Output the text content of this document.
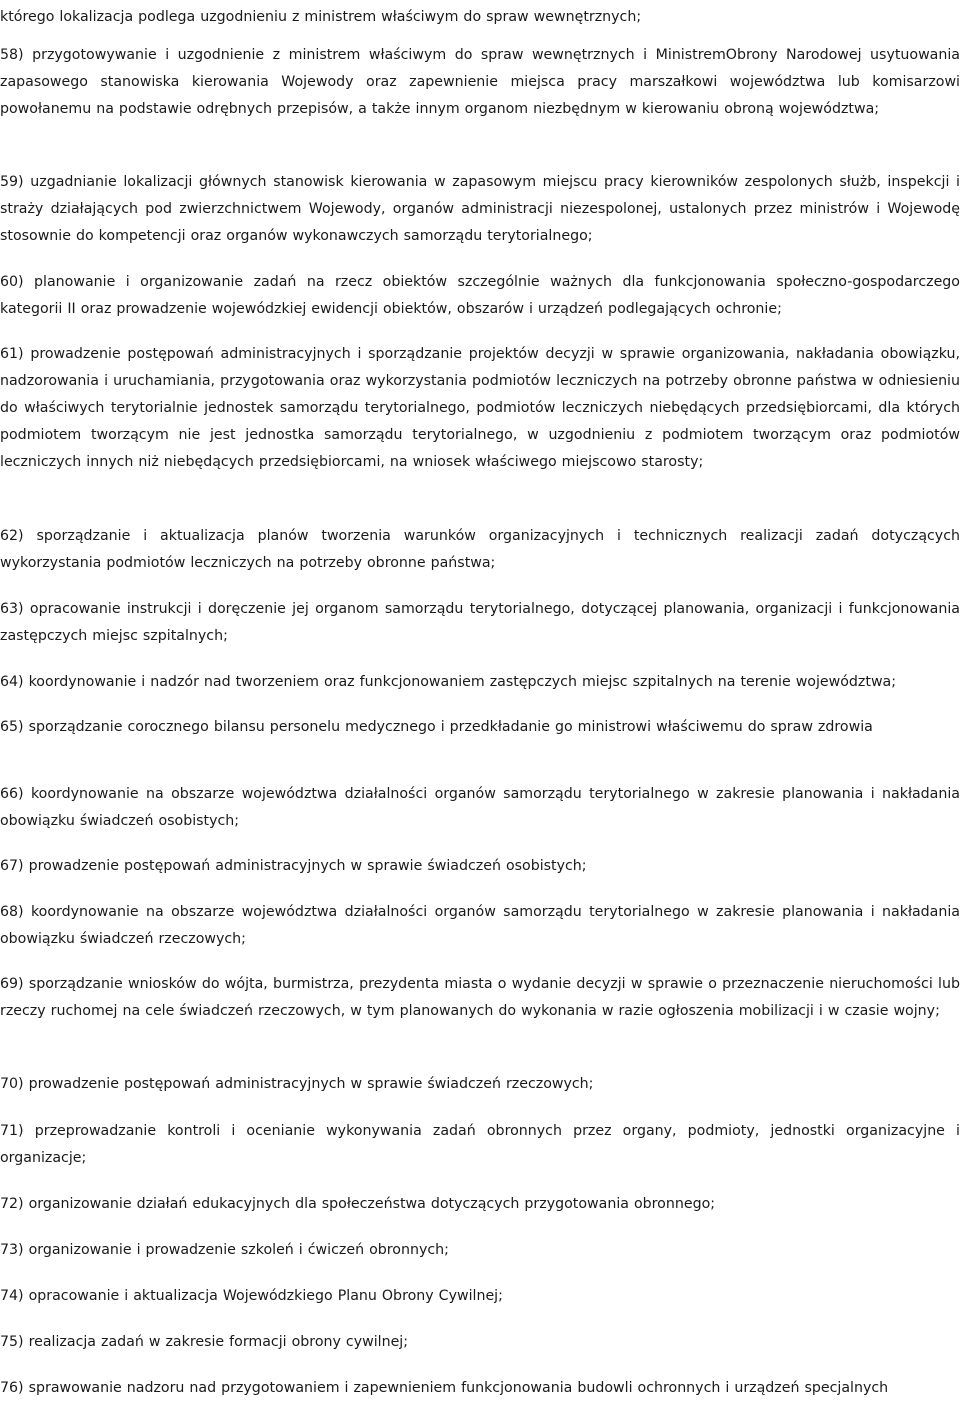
którego lokalizacja podlega uzgodnieniu z ministrem właściwym do spraw wewnętrznych;

58) przygotowywanie i uzgodnienie z ministrem właściwym do spraw wewnętrznych i MinistremObrony Narodowej usytuowania zapasowego stanowiska kierowania Wojewody oraz zapewnienie miejsca pracy marszałkowi województwa lub komisarzowi powołanemu na podstawie odrębnych przepisów, a także innym organom niezbędnym w kierowaniu obroną województwa;

59) uzgadnianie lokalizacji głównych stanowisk kierowania w zapasowym miejscu pracy kierowników zespolonych służb, inspekcji i straży działających pod zwierzchnictwem Wojewody, organów administracji niezespolonej, ustalonych przez ministrów i Wojewodę stosownie do kompetencji oraz organów wykonawczych samorządu terytorialnego;

60) planowanie i organizowanie zadań na rzecz obiektów szczególnie ważnych dla funkcjonowania społeczno-gospodarczego kategorii II oraz prowadzenie wojewódzkiej ewidencji obiektów, obszarów i urządzeń podlegających ochronie;

61) prowadzenie postępowań administracyjnych i sporządzanie projektów decyzji w sprawie organizowania, nakładania obowiązku, nadzorowania i uruchamiania, przygotowania oraz wykorzystania podmiotów leczniczych na potrzeby obronne państwa w odniesieniu do właściwych terytorialnie jednostek samorządu terytorialnego, podmiotów leczniczych niebędących przedsiębiorcami, dla których podmiotem tworzącym nie jest jednostka samorządu terytorialnego, w uzgodnieniu z podmiotem tworzącym oraz podmiotów leczniczych innych niż niebędących przedsiębiorcami, na wniosek właściwego miejscowo starosty;

62) sporządzanie i aktualizacja planów tworzenia warunków organizacyjnych i technicznych realizacji zadań dotyczących wykorzystania podmiotów leczniczych na potrzeby obronne państwa;

63) opracowanie instrukcji i doręczenie jej organom samorządu terytorialnego, dotyczącej planowania, organizacji i funkcjonowania zastępczych miejsc szpitalnych;

64) koordynowanie i nadzór nad tworzeniem oraz funkcjonowaniem zastępczych miejsc szpitalnych na terenie województwa;

65) sporządzanie corocznego bilansu personelu medycznego i przedkładanie go ministrowi właściwemu do spraw zdrowia

66) koordynowanie na obszarze województwa działalności organów samorządu terytorialnego w zakresie planowania i nakładania obowiązku świadczeń osobistych;

67) prowadzenie postępowań administracyjnych w sprawie świadczeń osobistych;

68) koordynowanie na obszarze województwa działalności organów samorządu terytorialnego w zakresie planowania i nakładania obowiązku świadczeń rzeczowych;

69) sporządzanie wniosków do wójta, burmistrza, prezydenta miasta o wydanie decyzji w sprawie o przeznaczenie nieruchomości lub rzeczy ruchomej na cele świadczeń rzeczowych, w tym planowanych do wykonania w razie ogłoszenia mobilizacji i w czasie wojny;

70) prowadzenie postępowań administracyjnych w sprawie świadczeń rzeczowych;

71) przeprowadzanie kontroli i ocenianie wykonywania zadań obronnych przez organy, podmioty, jednostki organizacyjne i organizacje;

72) organizowanie działań edukacyjnych dla społeczeństwa dotyczących przygotowania obronnego;

73) organizowanie i prowadzenie szkoleń i ćwiczeń obronnych;

74) opracowanie i aktualizacja Wojewódzkiego Planu Obrony Cywilnej;

75) realizacja zadań w zakresie formacji obrony cywilnej;

76) sprawowanie nadzoru nad przygotowaniem i zapewnieniem funkcjonowania budowli ochronnych i urządzeń specjalnych
